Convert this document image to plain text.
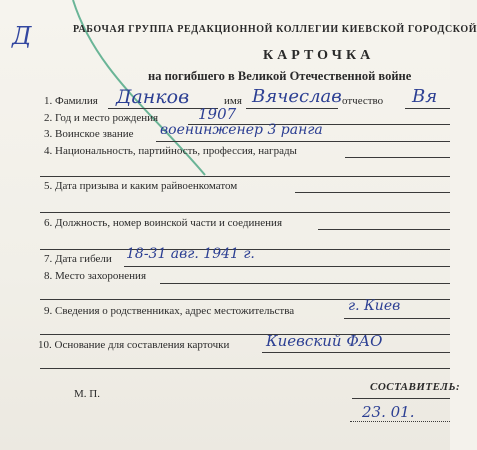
Д	РАБОЧАЯ ГРУППА РЕДАКЦИОННОЙ КОЛЛЕГИИ КИЕВСКОЙ ГОРОДСКОЙ
КАРТОЧКА
на погибшего в Великой Отечественной войне
1. Фамилия Данков	имя Вячеслав отчество Вя
2. Год и место рождения	1907
3. Воинское звание военинженер 3 ранга
4. Национальность, партийность, профессия, награды
5. Дата призыва и каким райвоенкоматом
6. Должность, номер воинской части и соединения
7. Дата гибели 18-31 авг. 1941 г.
8. Место захоронения
9. Сведения о родственниках, адрес местожительства	г. Киев
10. Основание для составления карточки Киевский ФАО
М. П.
СОСТАВИТЕЛЬ:
23. 01.
